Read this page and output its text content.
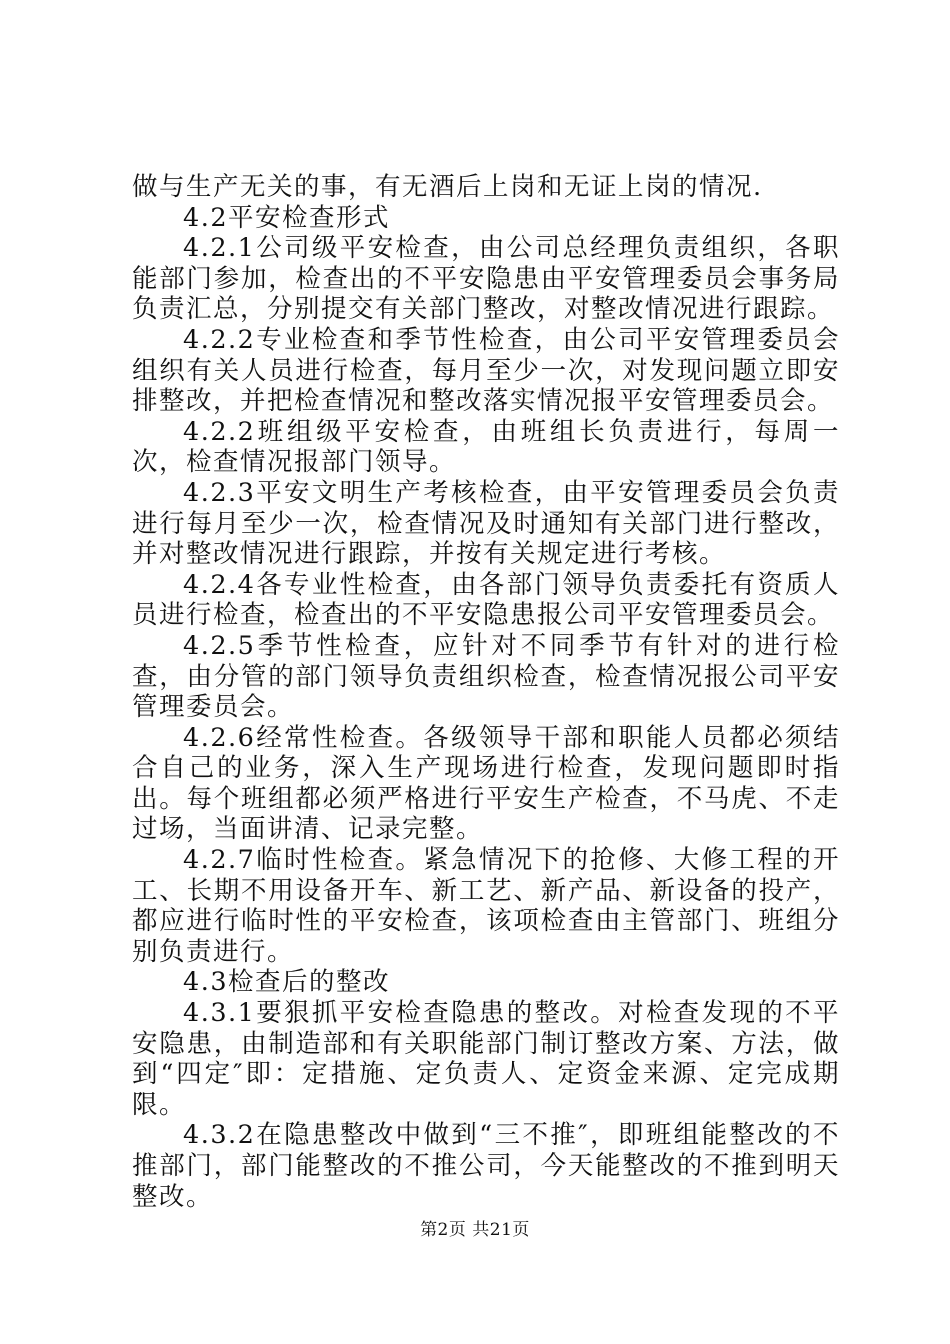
做与生产无关的事，有无酒后上岗和无证上岗的情况.

4.2平安检查形式

4.2.1公司级平安检查，由公司总经理负责组织，各职能部门参加，检查出的不平安隐患由平安管理委员会事务局负责汇总，分别提交有关部门整改，对整改情况进行跟踪。

4.2.2专业检查和季节性检查，由公司平安管理委员会组织有关人员进行检查，每月至少一次，对发现问题立即安排整改，并把检查情况和整改落实情况报平安管理委员会。

4.2.2班组级平安检查，由班组长负责进行，每周一次，检查情况报部门领导。

4.2.3平安文明生产考核检查，由平安管理委员会负责进行每月至少一次，检查情况及时通知有关部门进行整改，并对整改情况进行跟踪，并按有关规定进行考核。

4.2.4各专业性检查，由各部门领导负责委托有资质人员进行检查，检查出的不平安隐患报公司平安管理委员会。

4.2.5季节性检查，应针对不同季节有针对的进行检查，由分管的部门领导负责组织检查，检查情况报公司平安管理委员会。

4.2.6经常性检查。各级领导干部和职能人员都必须结合自己的业务，深入生产现场进行检查，发现问题即时指出。每个班组都必须严格进行平安生产检查，不马虎、不走过场，当面讲清、记录完整。

4.2.7临时性检查。紧急情况下的抢修、大修工程的开工、长期不用设备开车、新工艺、新产品、新设备的投产，都应进行临时性的平安检查，该项检查由主管部门、班组分别负责进行。

4.3检查后的整改

4.3.1要狠抓平安检查隐患的整改。对检查发现的不平安隐患，由制造部和有关职能部门制订整改方案、方法，做到“四定″即：定措施、定负责人、定资金来源、定完成期限。

4.3.2在隐患整改中做到“三不推″，即班组能整改的不推部门，部门能整改的不推公司，今天能整改的不推到明天整改。

第2页 共21页
